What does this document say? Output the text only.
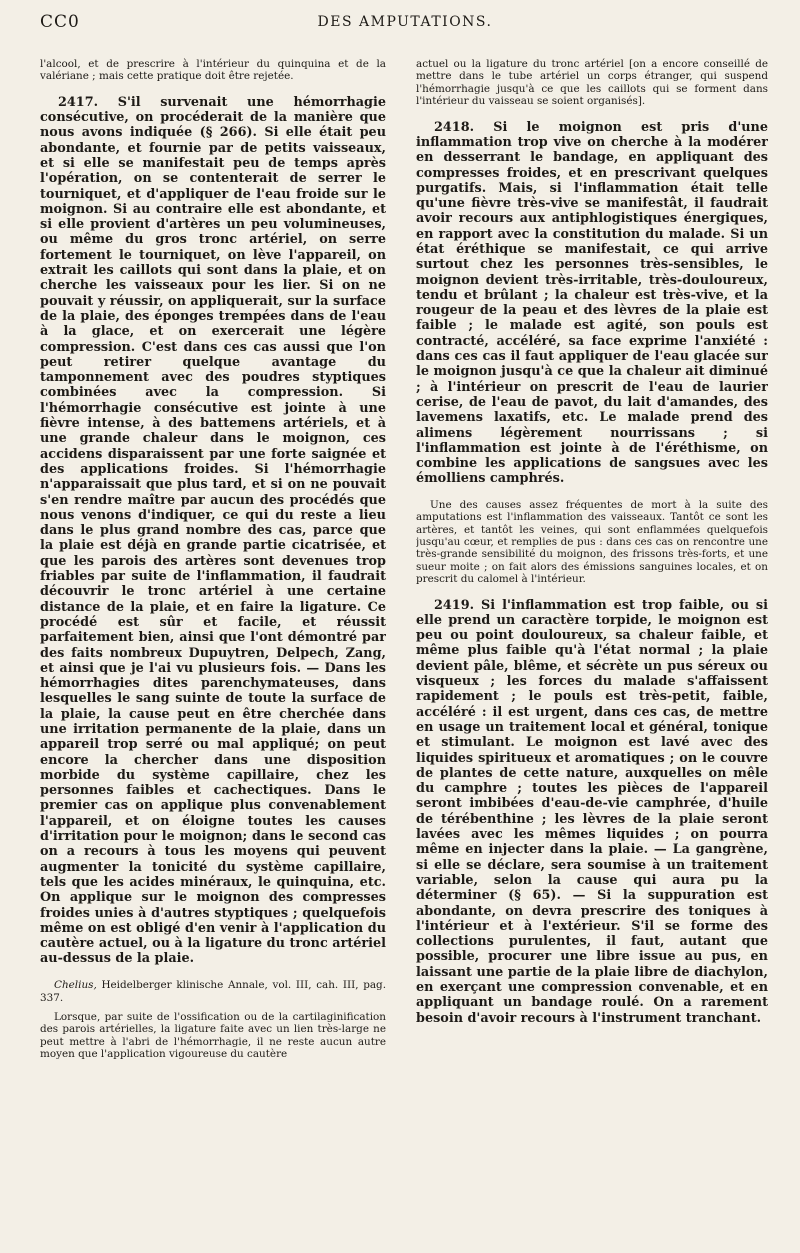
CC0	DES AMPUTATIONS.

l'alcool, et de prescrire à l'intérieur du quinquina et de la valériane ; mais cette pratique doit être rejetée.

2417. S'il survenait une hémorrhagie consécutive, on procéderait de la manière que nous avons indiquée (§ 266). Si elle était peu abondante, et fournie par de petits vaisseaux, et si elle se manifestait peu de temps après l'opération, on se contenterait de serrer le tourniquet, et d'appliquer de l'eau froide sur le moignon. Si au contraire elle est abondante, et si elle provient d'artères un peu volumineuses, ou même du gros tronc artériel, on serre fortement le tourniquet, on lève l'appareil, on extrait les caillots qui sont dans la plaie, et on cherche les vaisseaux pour les lier. Si on ne pouvait y réussir, on appliquerait, sur la surface de la plaie, des éponges trempées dans de l'eau à la glace, et on exercerait une légère compression. C'est dans ces cas aussi que l'on peut retirer quelque avantage du tamponnement avec des poudres styptiques combinées avec la compression. Si l'hémorrhagie consécutive est jointe à une fièvre intense, à des battemens artériels, et à une grande chaleur dans le moignon, ces accidens disparaissent par une forte saignée et des applications froides. Si l'hémorrhagie n'apparaissait que plus tard, et si on ne pouvait s'en rendre maître par aucun des procédés que nous venons d'indiquer, ce qui du reste a lieu dans le plus grand nombre des cas, parce que la plaie est déjà en grande partie cicatrisée, et que les parois des artères sont devenues trop friables par suite de l'inflammation, il faudrait découvrir le tronc artériel à une certaine distance de la plaie, et en faire la ligature. Ce procédé est sûr et facile, et réussit parfaitement bien, ainsi que l'ont démontré par des faits nombreux Dupuytren, Delpech, Zang, et ainsi que je l'ai vu plusieurs fois. — Dans les hémorrhagies dites parenchymateuses, dans lesquelles le sang suinte de toute la surface de la plaie, la cause peut en être cherchée dans une irritation permanente de la plaie, dans un appareil trop serré ou mal appliqué; on peut encore la chercher dans une disposition morbide du système capillaire, chez les personnes faibles et cachectiques. Dans le premier cas on applique plus convenablement l'appareil, et on éloigne toutes les causes d'irritation pour le moignon; dans le second cas on a recours à tous les moyens qui peuvent augmenter la tonicité du système capillaire, tels que les acides minéraux, le quinquina, etc. On applique sur le moignon des compresses froides unies à d'autres styptiques ; quelquefois même on est obligé d'en venir à l'application du cautère actuel, ou à la ligature du tronc artériel au-dessus de la plaie.

Chelius, Heidelberger klinische Annale, vol. III, cah. III, pag. 337.

Lorsque, par suite de l'ossification ou de la cartilaginification des parois artérielles, la ligature faite avec un lien très-large ne peut mettre à l'abri de l'hémorrhagie, il ne reste aucun autre moyen que l'application vigoureuse du cautère

actuel ou la ligature du tronc artériel [on a encore conseillé de mettre dans le tube artériel un corps étranger, qui suspend l'hémorrhagie jusqu'à ce que les caillots qui se forment dans l'intérieur du vaisseau se soient organisés].

2418. Si le moignon est pris d'une inflammation trop vive on cherche à la modérer en desserrant le bandage, en appliquant des compresses froides, et en prescrivant quelques purgatifs. Mais, si l'inflammation était telle qu'une fièvre très-vive se manifestât, il faudrait avoir recours aux antiphlogistiques énergiques, en rapport avec la constitution du malade. Si un état éréthique se manifestait, ce qui arrive surtout chez les personnes très-sensibles, le moignon devient très-irritable, très-douloureux, tendu et brûlant ; la chaleur est très-vive, et la rougeur de la peau et des lèvres de la plaie est faible ; le malade est agité, son pouls est contracté, accéléré, sa face exprime l'anxiété : dans ces cas il faut appliquer de l'eau glacée sur le moignon jusqu'à ce que la chaleur ait diminué ; à l'intérieur on prescrit de l'eau de laurier cerise, de l'eau de pavot, du lait d'amandes, des lavemens laxatifs, etc. Le malade prend des alimens légèrement nourrissans ; si l'inflammation est jointe à de l'éréthisme, on combine les applications de sangsues avec les émolliens camphrés.

Une des causes assez fréquentes de mort à la suite des amputations est l'inflammation des vaisseaux. Tantôt ce sont les artères, et tantôt les veines, qui sont enflammées quelquefois jusqu'au cœur, et remplies de pus : dans ces cas on rencontre une très-grande sensibilité du moignon, des frissons très-forts, et une sueur moite ; on fait alors des émissions sanguines locales, et on prescrit du calomel à l'intérieur.

2419. Si l'inflammation est trop faible, ou si elle prend un caractère torpide, le moignon est peu ou point douloureux, sa chaleur faible, et même plus faible qu'à l'état normal ; la plaie devient pâle, blême, et sécrète un pus séreux ou visqueux ; les forces du malade s'affaissent rapidement ; le pouls est très-petit, faible, accéléré : il est urgent, dans ces cas, de mettre en usage un traitement local et général, tonique et stimulant. Le moignon est lavé avec des liquides spiritueux et aromatiques ; on le couvre de plantes de cette nature, auxquelles on mêle du camphre ; toutes les pièces de l'appareil seront imbibées d'eau-de-vie camphrée, d'huile de térébenthine ; les lèvres de la plaie seront lavées avec les mêmes liquides ; on pourra même en injecter dans la plaie. — La gangrène, si elle se déclare, sera soumise à un traitement variable, selon la cause qui aura pu la déterminer (§ 65). — Si la suppuration est abondante, on devra prescrire des toniques à l'intérieur et à l'extérieur. S'il se forme des collections purulentes, il faut, autant que possible, procurer une libre issue au pus, en laissant une partie de la plaie libre de diachylon, en exerçant une compression convenable, et en appliquant un bandage roulé. On a rarement besoin d'avoir recours à l'instrument tranchant.
